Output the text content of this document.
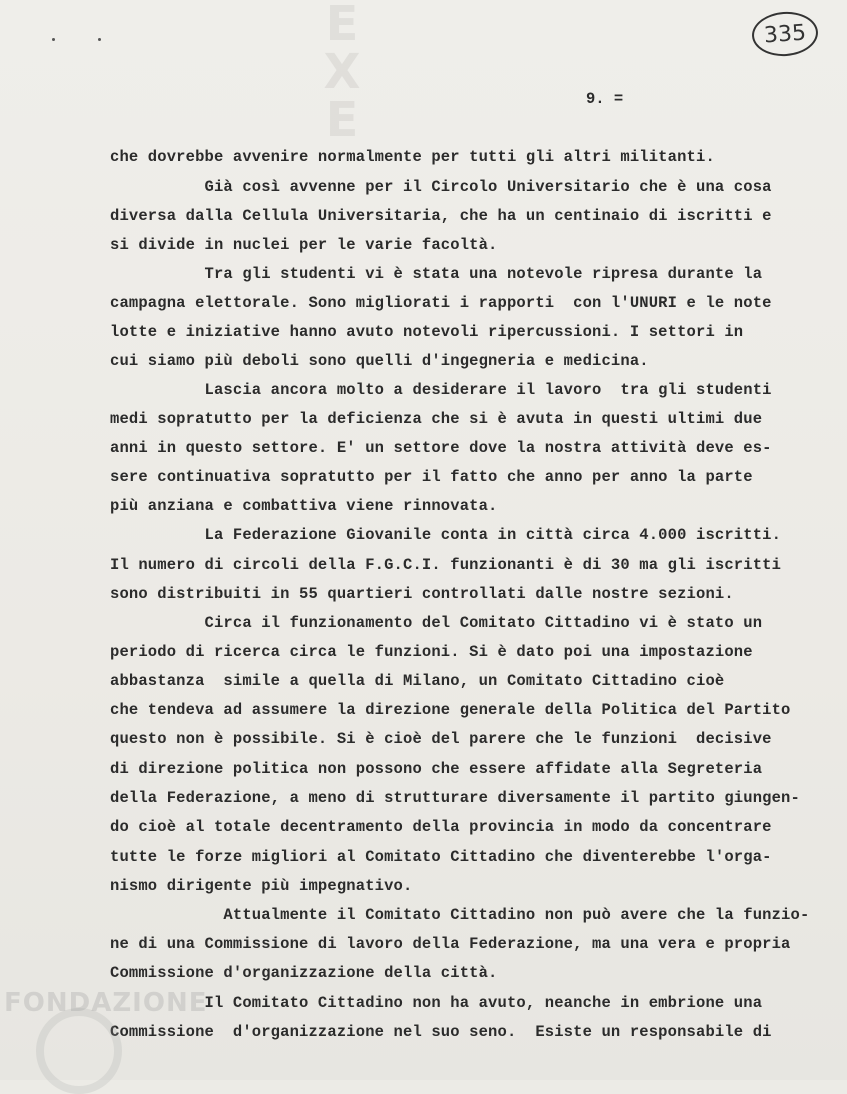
E
X
E
335
9. =
che dovrebbe avvenire normalmente per tutti gli altri militanti.
Già così avvenne per il Circolo Universitario che è una cosa
diversa dalla Cellula Universitaria, che ha un centinaio di iscritti e
si divide in nuclei per le varie facoltà.
Tra gli studenti vi è stata una notevole ripresa durante la
campagna elettorale. Sono migliorati i rapporti  con l'UNURI e le note
lotte e iniziative hanno avuto notevoli ripercussioni. I settori in
cui siamo più deboli sono quelli d'ingegneria e medicina.
Lascia ancora molto a desiderare il lavoro  tra gli studenti
medi sopratutto per la deficienza che si è avuta in questi ultimi due
anni in questo settore. E' un settore dove la nostra attività deve es-
sere continuativa sopratutto per il fatto che anno per anno la parte
più anziana e combattiva viene rinnovata.
La Federazione Giovanile conta in città circa 4.000 iscritti.
Il numero di circoli della F.G.C.I. funzionanti è di 30 ma gli iscritti
sono distribuiti in 55 quartieri controllati dalle nostre sezioni.
Circa il funzionamento del Comitato Cittadino vi è stato un
periodo di ricerca circa le funzioni. Si è dato poi una impostazione
abbastanza  simile a quella di Milano, un Comitato Cittadino cioè
che tendeva ad assumere la direzione generale della Politica del Partito
questo non è possibile. Si è cioè del parere che le funzioni  decisive
di direzione politica non possono che essere affidate alla Segreteria
della Federazione, a meno di strutturare diversamente il partito giungen-
do cioè al totale decentramento della provincia in modo da concentrare
tutte le forze migliori al Comitato Cittadino che diventerebbe l'orga-
nismo dirigente più impegnativo.
Attualmente il Comitato Cittadino non può avere che la funzio-
ne di una Commissione di lavoro della Federazione, ma una vera e propria
Commissione d'organizzazione della città.
Il Comitato Cittadino non ha avuto, neanche in embrione una
Commissione  d'organizzazione nel suo seno.  Esiste un responsabile di
FONDAZIONE
